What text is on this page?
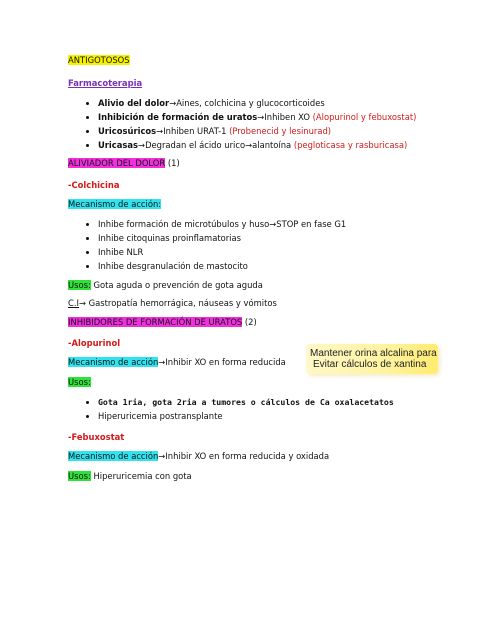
ANTIGOTOSOS
Farmacoterapia
Alivio del dolor→Aines, colchicina y glucocorticoides
Inhibición de formación de uratos→Inhiben XO (Alopurinol y febuxostat)
Uricosúricos→Inhiben URAT-1 (Probenecid y lesinurad)
Uricasas→Degradan el ácido urico→alantoína (pegloticasa y rasburicasa)
ALIVIADOR DEL DOLOR (1)
-Colchicina
Mecanismo de acción:
Inhibe formación de microtúbulos y huso→STOP en fase G1
Inhibe citoquinas proinflamatorias
Inhibe NLR
Inhibe desgranulación de mastocito
Usos: Gota aguda o prevención de gota aguda
C.I→ Gastropatía hemorrágica, náuseas y vómitos
INHIBIDORES DE FORMACIÓN DE URATOS (2)
-Alopurinol
Mecanismo de acción→Inhibir XO en forma reducida
Mantener orina alcalina para
Evitar cálculos de xantina
Usos:
Gota 1ria, gota 2ria a tumores o cálculos de Ca oxalacetatos
Hiperuricemia postransplante
-Febuxostat
Mecanismo de acción→Inhibir XO en forma reducida y oxidada
Usos: Hiperuricemia con gota
